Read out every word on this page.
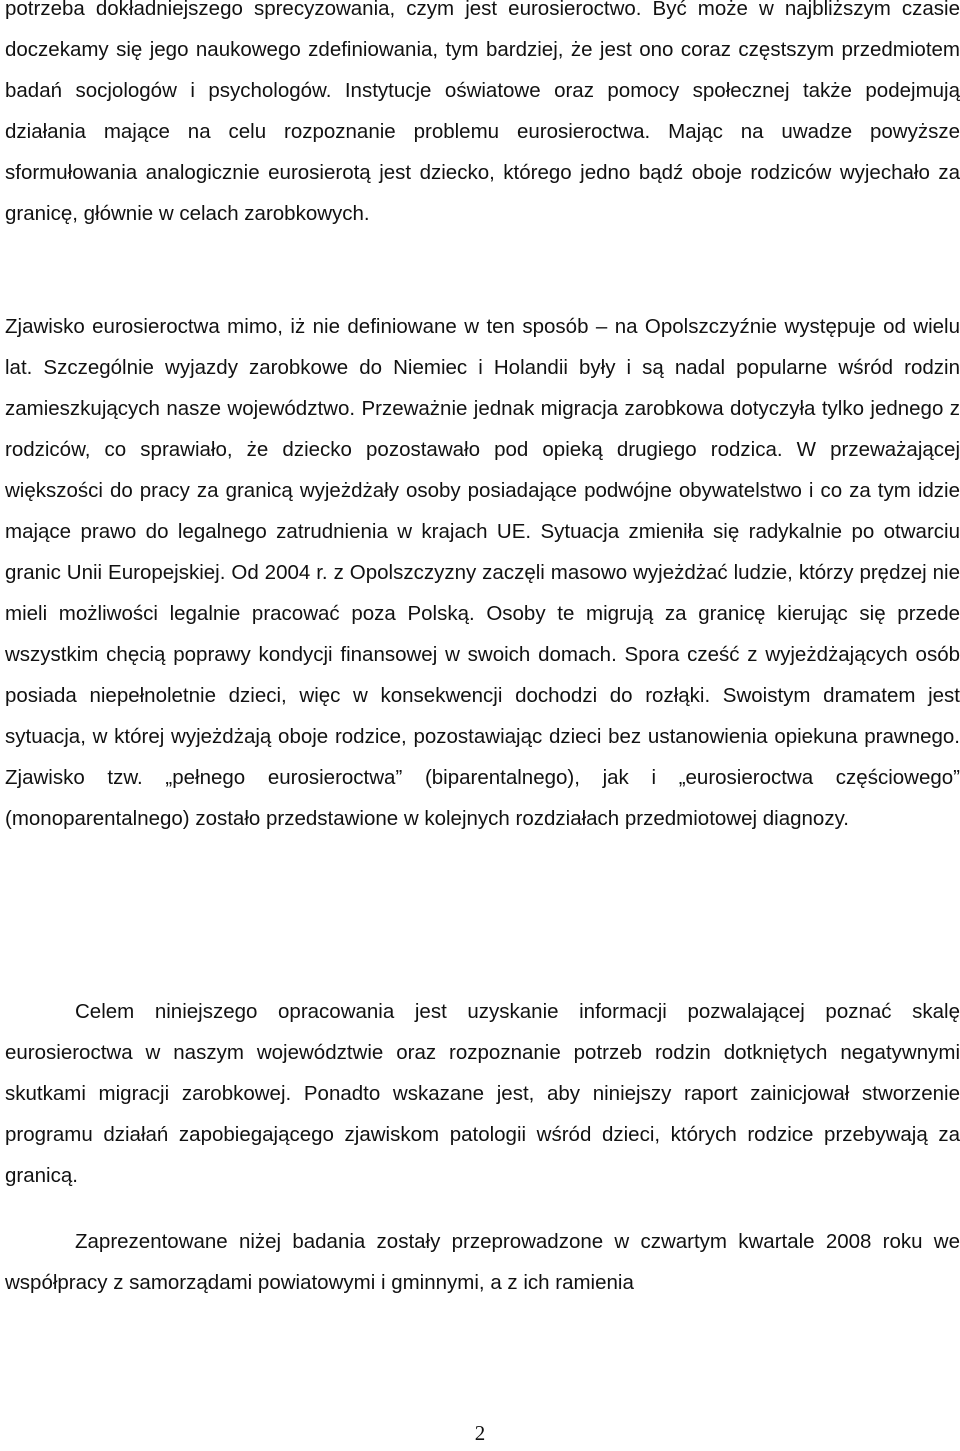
potrzeba dokładniejszego sprecyzowania, czym jest eurosieroctwo. Być może w najbliższym czasie doczekamy się jego naukowego zdefiniowania, tym bardziej, że jest ono coraz częstszym przedmiotem badań socjologów i psychologów. Instytucje oświatowe oraz pomocy społecznej także podejmują działania mające na celu rozpoznanie problemu eurosieroctwa. Mając na uwadze powyższe sformułowania analogicznie eurosierotą jest dziecko, którego jedno bądź oboje rodziców wyjechało za granicę, głównie w celach zarobkowych.

Zjawisko eurosieroctwa mimo, iż nie definiowane w ten sposób – na Opolszczyźnie występuje od wielu lat. Szczególnie wyjazdy zarobkowe do Niemiec i Holandii były i są nadal popularne wśród rodzin zamieszkujących nasze województwo. Przeważnie jednak migracja zarobkowa dotyczyła tylko jednego z rodziców, co sprawiało, że dziecko pozostawało pod opieką drugiego rodzica. W przeważającej większości do pracy za granicą wyjeżdżały osoby posiadające podwójne obywatelstwo i co za tym idzie mające prawo do legalnego zatrudnienia w krajach UE. Sytuacja zmieniła się radykalnie po otwarciu granic Unii Europejskiej. Od 2004 r. z Opolszczyzny zaczęli masowo wyjeżdżać ludzie, którzy prędzej nie mieli możliwości legalnie pracować poza Polską. Osoby te migrują za granicę kierując się przede wszystkim chęcią poprawy kondycji finansowej w swoich domach. Spora cześć z wyjeżdżających osób posiada niepełnoletnie dzieci, więc w konsekwencji dochodzi do rozłąki. Swoistym dramatem jest sytuacja, w której wyjeżdżają oboje rodzice, pozostawiając dzieci bez ustanowienia opiekuna prawnego. Zjawisko tzw. „pełnego eurosieroctwa” (biparentalnego), jak i „eurosieroctwa częściowego” (monoparentalnego) zostało przedstawione w kolejnych rozdziałach przedmiotowej diagnozy.

Celem niniejszego opracowania jest uzyskanie informacji pozwalającej poznać skalę eurosieroctwa w naszym województwie oraz rozpoznanie potrzeb rodzin dotkniętych negatywnymi skutkami migracji zarobkowej. Ponadto wskazane jest, aby niniejszy raport zainicjował stworzenie programu działań zapobiegającego zjawiskom patologii wśród dzieci, których rodzice przebywają za granicą.

Zaprezentowane niżej badania zostały przeprowadzone w czwartym kwartale 2008 roku we współpracy z samorządami powiatowymi i gminnymi, a z ich ramienia

2
